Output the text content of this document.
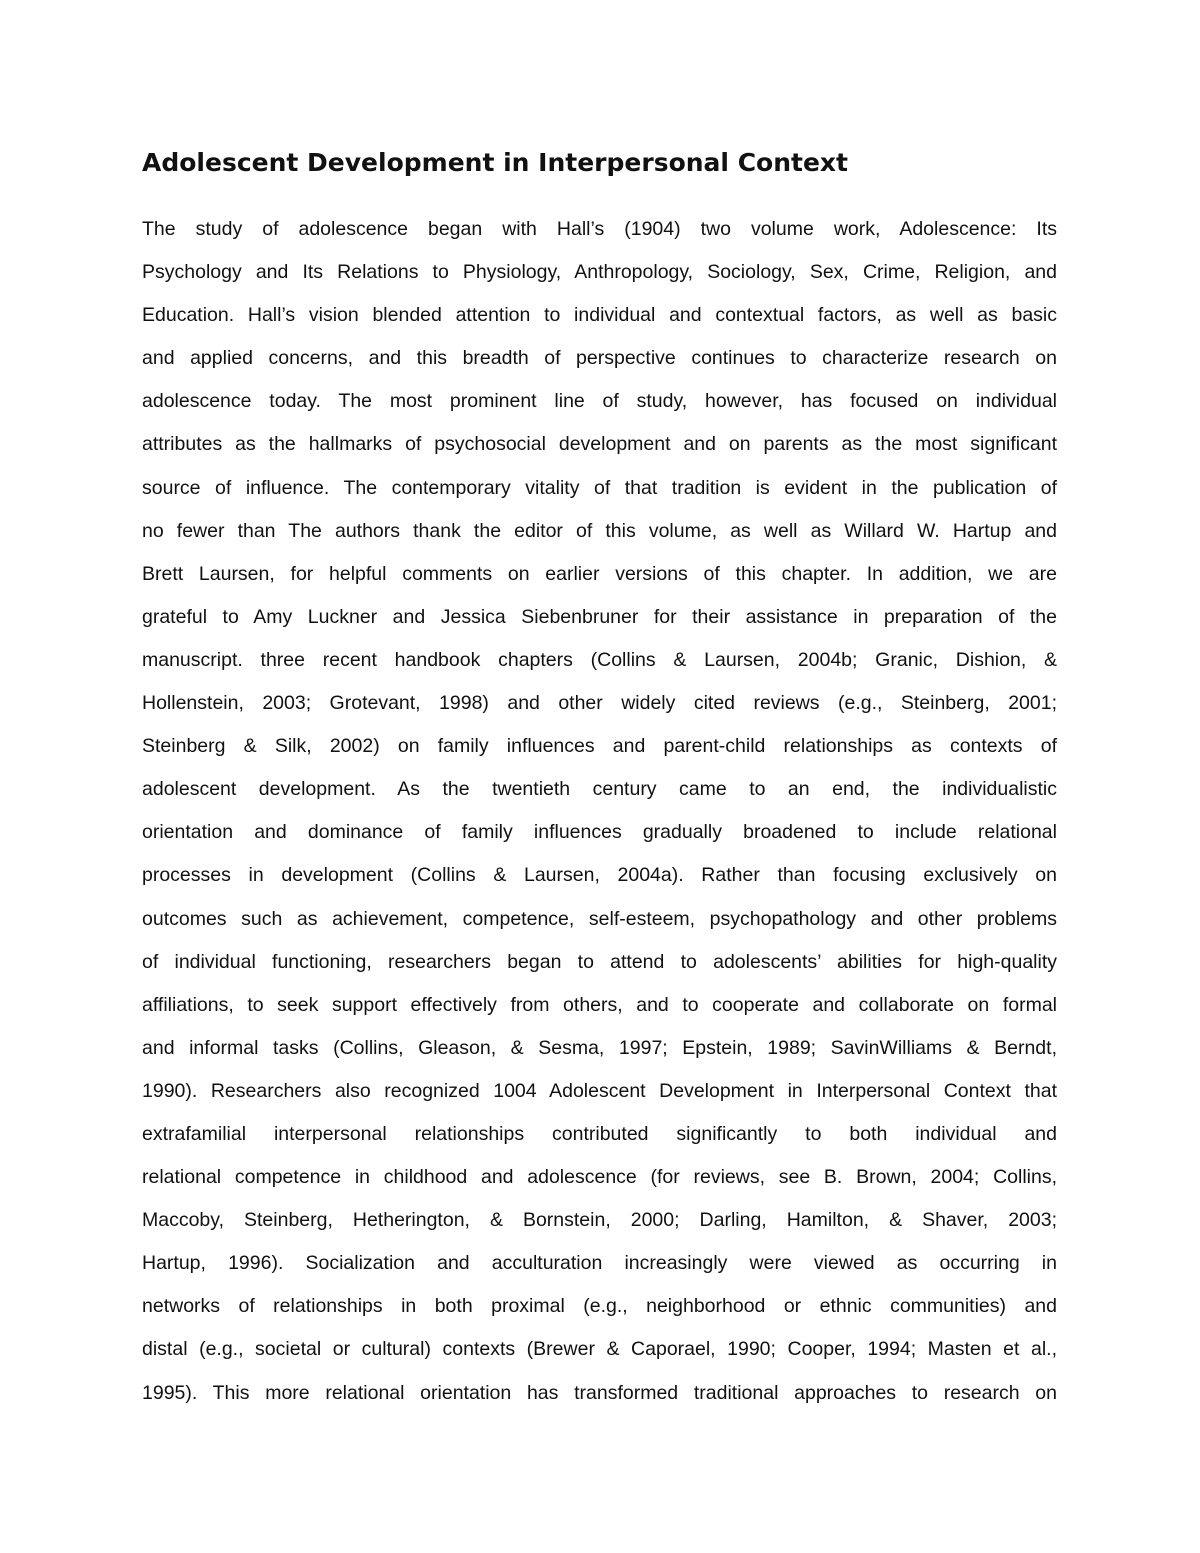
Adolescent Development in Interpersonal Context
The study of adolescence began with Hall’s (1904) two volume work, Adolescence: Its
Psychology and Its Relations to Physiology, Anthropology, Sociology, Sex, Crime, Religion, and
Education. Hall’s vision blended attention to individual and contextual factors, as well as basic
and applied concerns, and this breadth of perspective continues to characterize research on
adolescence today. The most prominent line of study, however, has focused on individual
attributes as the hallmarks of psychosocial development and on parents as the most significant
source of influence. The contemporary vitality of that tradition is evident in the publication of
no fewer than The authors thank the editor of this volume, as well as Willard W. Hartup and
Brett Laursen, for helpful comments on earlier versions of this chapter. In addition, we are
grateful to Amy Luckner and Jessica Siebenbruner for their assistance in preparation of the
manuscript. three recent handbook chapters (Collins & Laursen, 2004b; Granic, Dishion, &
Hollenstein, 2003; Grotevant, 1998) and other widely cited reviews (e.g., Steinberg, 2001;
Steinberg & Silk, 2002) on family influences and parent-child relationships as contexts of
adolescent development. As the twentieth century came to an end, the individualistic
orientation and dominance of family influences gradually broadened to include relational
processes in development (Collins & Laursen, 2004a). Rather than focusing exclusively on
outcomes such as achievement, competence, self-esteem, psychopathology and other problems
of individual functioning, researchers began to attend to adolescents’ abilities for high-quality
affiliations, to seek support effectively from others, and to cooperate and collaborate on formal
and informal tasks (Collins, Gleason, & Sesma, 1997; Epstein, 1989; SavinWilliams & Berndt,
1990). Researchers also recognized 1004 Adolescent Development in Interpersonal Context that
extrafamilial interpersonal relationships contributed significantly to both individual and
relational competence in childhood and adolescence (for reviews, see B. Brown, 2004; Collins,
Maccoby, Steinberg, Hetherington, & Bornstein, 2000; Darling, Hamilton, & Shaver, 2003;
Hartup, 1996). Socialization and acculturation increasingly were viewed as occurring in
networks of relationships in both proximal (e.g., neighborhood or ethnic communities) and
distal (e.g., societal or cultural) contexts (Brewer & Caporael, 1990; Cooper, 1994; Masten et al.,
1995). This more relational orientation has transformed traditional approaches to research on
